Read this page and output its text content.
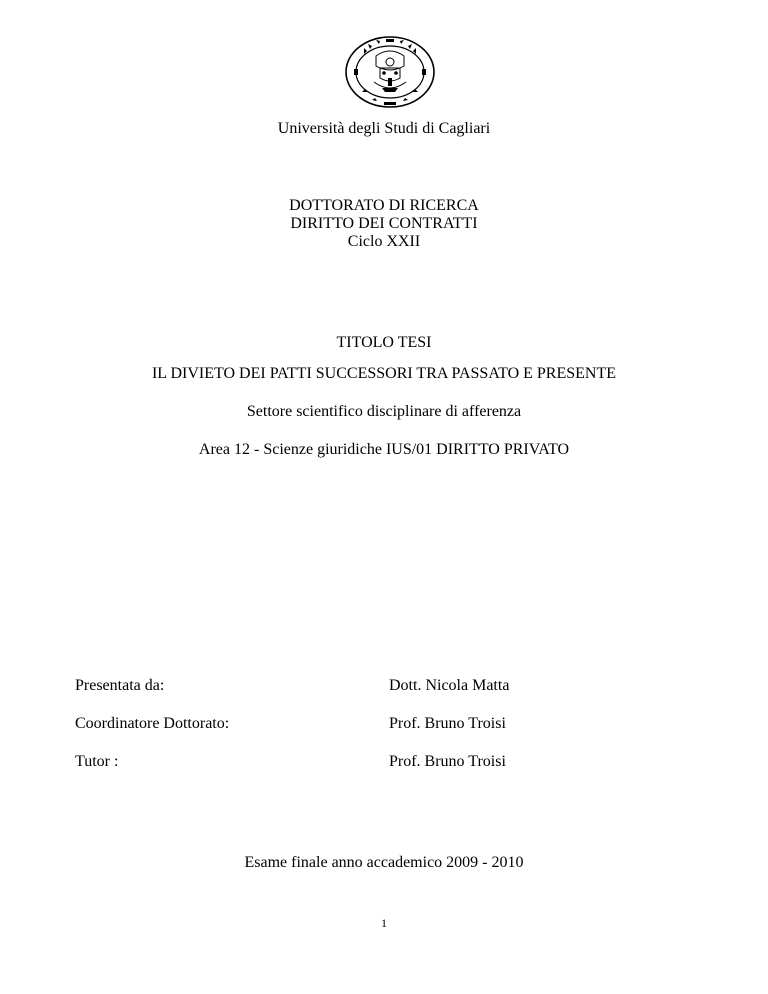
Università degli Studi di Cagliari
DOTTORATO DI RICERCA
DIRITTO DEI CONTRATTI
Ciclo XXII
TITOLO TESI
IL DIVIETO DEI PATTI SUCCESSORI TRA PASSATO E PRESENTE
Settore scientifico disciplinare di afferenza
Area 12 - Scienze giuridiche IUS/01 DIRITTO PRIVATO
Presentata da:	Dott. Nicola Matta
Coordinatore Dottorato:	Prof. Bruno Troisi
Tutor :	Prof. Bruno Troisi
Esame finale anno accademico 2009 - 2010
1
